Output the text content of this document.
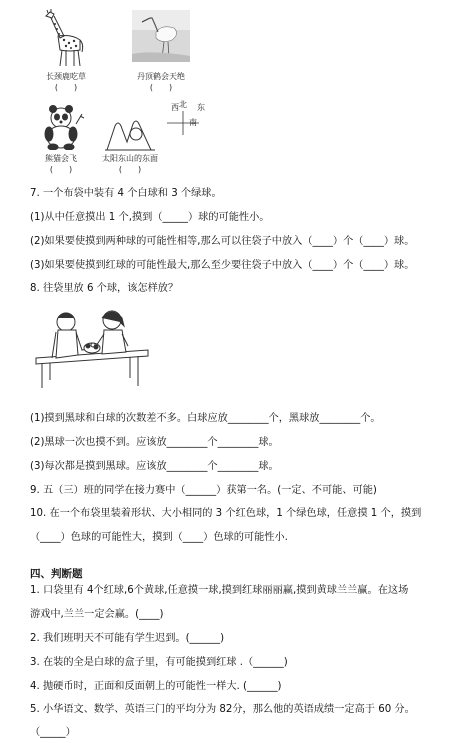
长颈鹿吃草
(　　)
丹顶鹤会天绝
(　　)
熊猫会飞
(　　)
太阳东山的东面
(　　)
北 东
西
南
7. 一个布袋中装有 4 个白球和 3 个绿球。
(1)从中任意摸出 1 个,摸到（_____）球的可能性小。
(2)如果要使摸到两种球的可能性相等,那么可以往袋子中放入（____）个（____）球。
(3)如果要使摸到红球的可能性最大,那么至少要往袋子中放入（____）个（____）球。
8. 往袋里放 6 个球，该怎样放？
(1)摸到黑球和白球的次数差不多。白球应放________个，黑球放________个。
(2)黑球一次也摸不到。应该放________个________球。
(3)每次都是摸到黑球。应该放________个________球。
9. 五（三）班的同学在接力赛中（______）获第一名。(一定、不可能、可能)
10. 在一个布袋里装着形状、大小相同的 3 个红色球，1 个绿色球，任意摸 1 个，摸到
（____）色球的可能性大，摸到（____）色球的可能性小.
四、判断题
1. 口袋里有 4个红球,6个黄球,任意摸一球,摸到红球丽丽赢,摸到黄球兰兰赢。在这场
游戏中,兰兰一定会赢。(____)
2. 我们班明天不可能有学生迟到。(______)
3. 在装的全是白球的盒子里，有可能摸到红球 .（______)
4. 抛硬币时，正面和反面朝上的可能性一样大. (______)
5. 小华语文、数学、英语三门的平均分为 82分，那么他的英语成绩一定高于 60 分。
（_____）
